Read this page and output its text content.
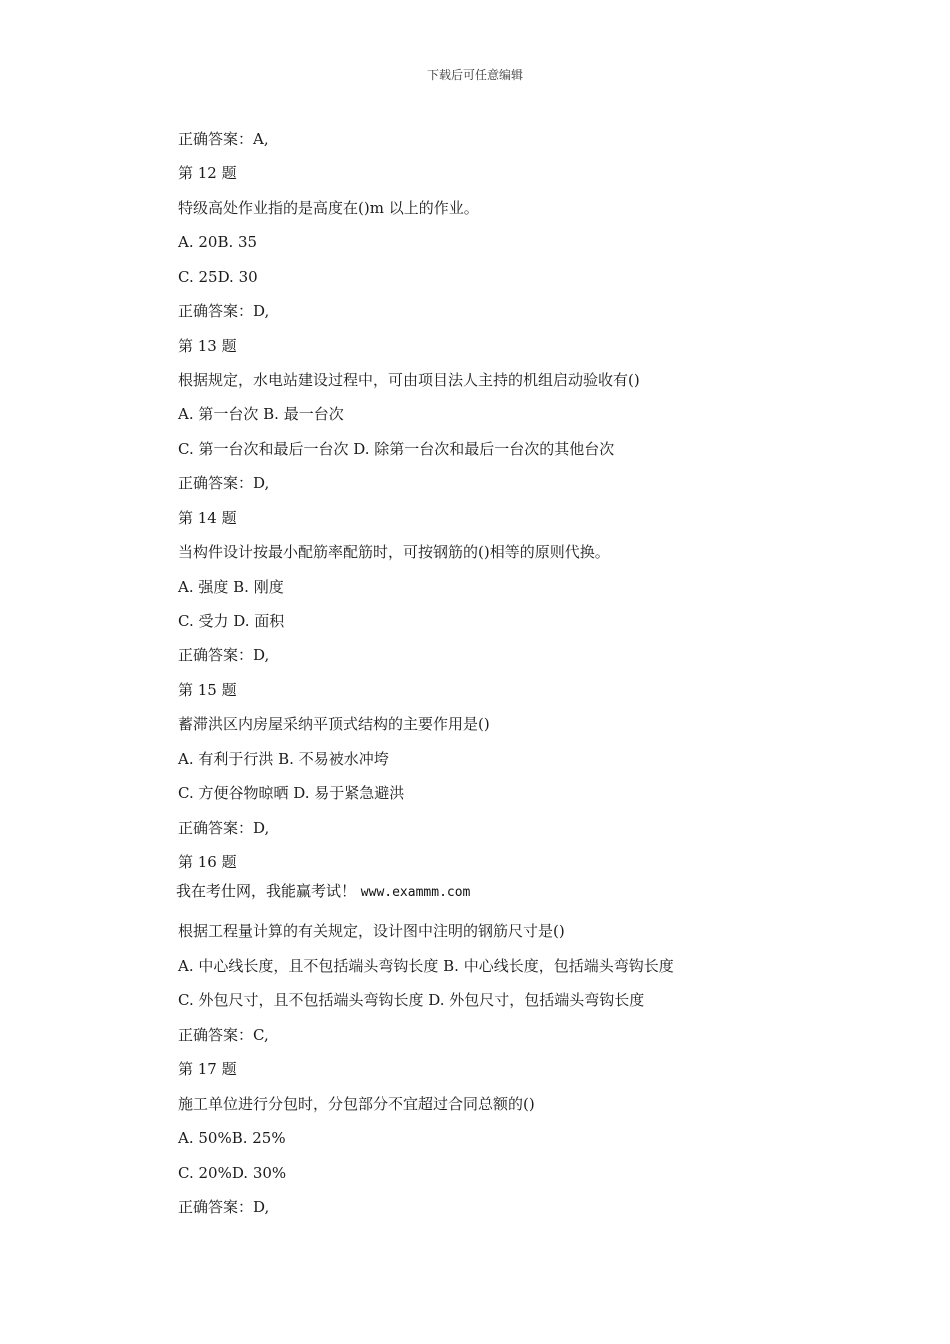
下载后可任意编辑
正确答案：A,
第 12 题
特级高处作业指的是高度在()m 以上的作业。
A. 20B. 35
C. 25D. 30
正确答案：D,
第 13 题
根据规定，水电站建设过程中，可由项目法人主持的机组启动验收有()
A. 第一台次 B. 最一台次
C. 第一台次和最后一台次 D. 除第一台次和最后一台次的其他台次
正确答案：D,
第 14 题
当构件设计按最小配筋率配筋时，可按钢筋的()相等的原则代换。
A. 强度 B. 刚度
C. 受力 D. 面积
正确答案：D,
第 15 题
蓄滞洪区内房屋采纳平顶式结构的主要作用是()
A. 有利于行洪 B. 不易被水冲垮
C. 方便谷物晾晒 D. 易于紧急避洪
正确答案：D,
第 16 题
我在考仕网，我能赢考试！ www.exammm.com
根据工程量计算的有关规定，设计图中注明的钢筋尺寸是()
A. 中心线长度，且不包括端头弯钩长度 B. 中心线长度，包括端头弯钩长度
C. 外包尺寸，且不包括端头弯钩长度 D. 外包尺寸，包括端头弯钩长度
正确答案：C,
第 17 题
施工单位进行分包时，分包部分不宜超过合同总额的()
A. 50%B. 25%
C. 20%D. 30%
正确答案：D,
